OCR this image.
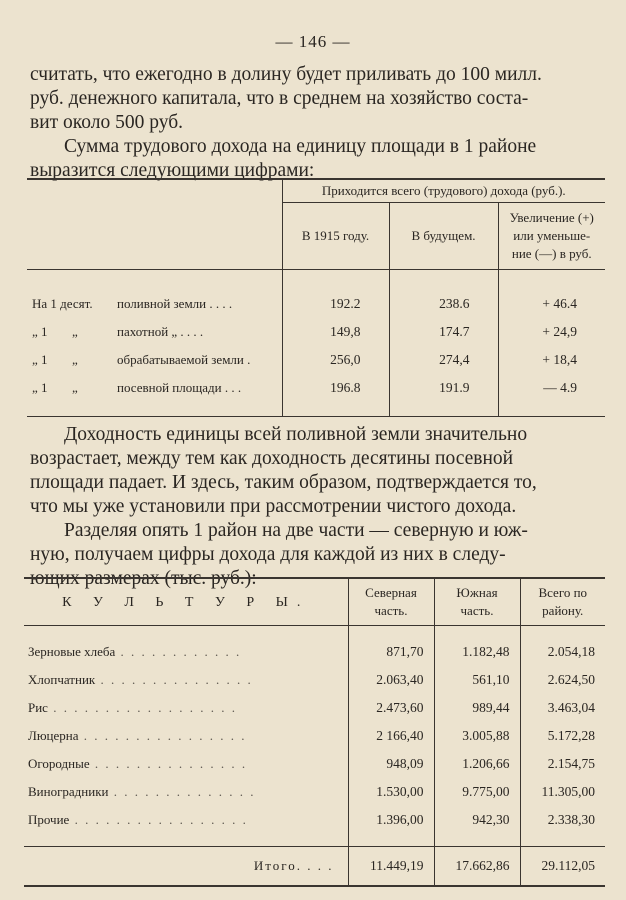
— 146 —

считать, что ежегодно в долину будет приливать до 100 милл.
руб. денежного капитала, что в среднем на хозяйство соста-
вит около 500 руб.
Сумма трудового дохода на единицу площади в 1 районе
выразится следующими цифрами:

	Приходится всего (трудового) дохода (руб.).		
	В 1915 году.	В будущем.	Увеличение (+)
или уменьше-
ние (—) в руб.

На 1 десят. поливной земли . . . .	192.2	238.6	+ 46.4
„ 1 „ пахотной „ . . . .	149,8	174.7	+ 24,9
„ 1 „ обрабатываемой земли .	256,0	274,4	+ 18,4
„ 1 „ посевной площади . . .	196.8	191.9	— 4.9

Доходность единицы всей поливной земли значительно
возрастает, между тем как доходность десятины посевной
площади падает. И здесь, таким образом, подтверждается то,
что мы уже установили при рассмотрении чистого дохода.
Разделяя опять 1 район на две части — северную и юж-
ную, получаем цифры дохода для каждой из них в следу-
ющих размерах (тыс. руб.):

К У Л Ь Т У Р Ы.	Северная
часть.	Южная
часть.	Всего по
району.

Зерновые хлеба . . . . . . . . . . . .	871,70	1.182,48	2.054,18
Хлопчатник . . . . . . . . . . . . . . .	2.063,40	561,10	2.624,50
Рис . . . . . . . . . . . . . . . . . .	2.473,60	989,44	3.463,04
Люцерна . . . . . . . . . . . . . . . .	2 166,40	3.005,88	5.172,28
Огородные . . . . . . . . . . . . . . .	948,09	1.206,66	2.154,75
Виноградники . . . . . . . . . . . . . .	1.530,00	9.775,00	11.305,00
Прочие . . . . . . . . . . . . . . . . .	1.396,00	942,30	2.338,30

Итого. . . .	11.449,19	17.662,86	29.112,05
